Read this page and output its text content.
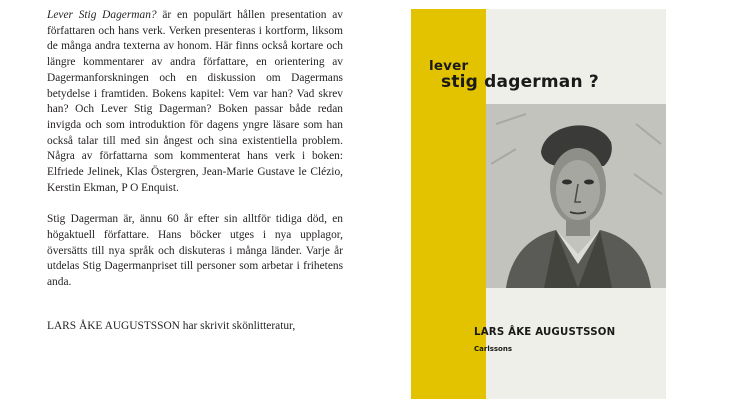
Lever Stig Dagerman? är en populärt hållen presentation av författaren och hans verk. Verken presenteras i kortform, liksom de många andra texterna av honom. Här finns också kortare och längre kommentarer av andra författare, en orientering av Dagermanforskningen och en diskussion om Dagermans betydelse i framtiden. Bokens kapitel: Vem var han? Vad skrev han? Och Lever Stig Dagerman? Boken passar både redan invigda och som introduktion för dagens yngre läsare som han också talar till med sin ångest och sina existentiella problem. Några av författarna som kommenterat hans verk i boken: Elfriede Jelinek, Klas Östergren, Jean-Marie Gustave le Clézio, Kerstin Ekman, P O Enquist.

Stig Dagerman är, ännu 60 år efter sin alltför tidiga död, en högaktuell författare. Hans böcker utges i nya upplagor, översätts till nya språk och diskuteras i många länder. Varje år utdelas Stig Dagermanpriset till personer som arbetar i frihetens anda.

LARS ÅKE AUGUSTSSON har skrivit skönlitteratur,

lever
stig dagerman ?
LARS ÅKE AUGUSTSSON
Carlssons
